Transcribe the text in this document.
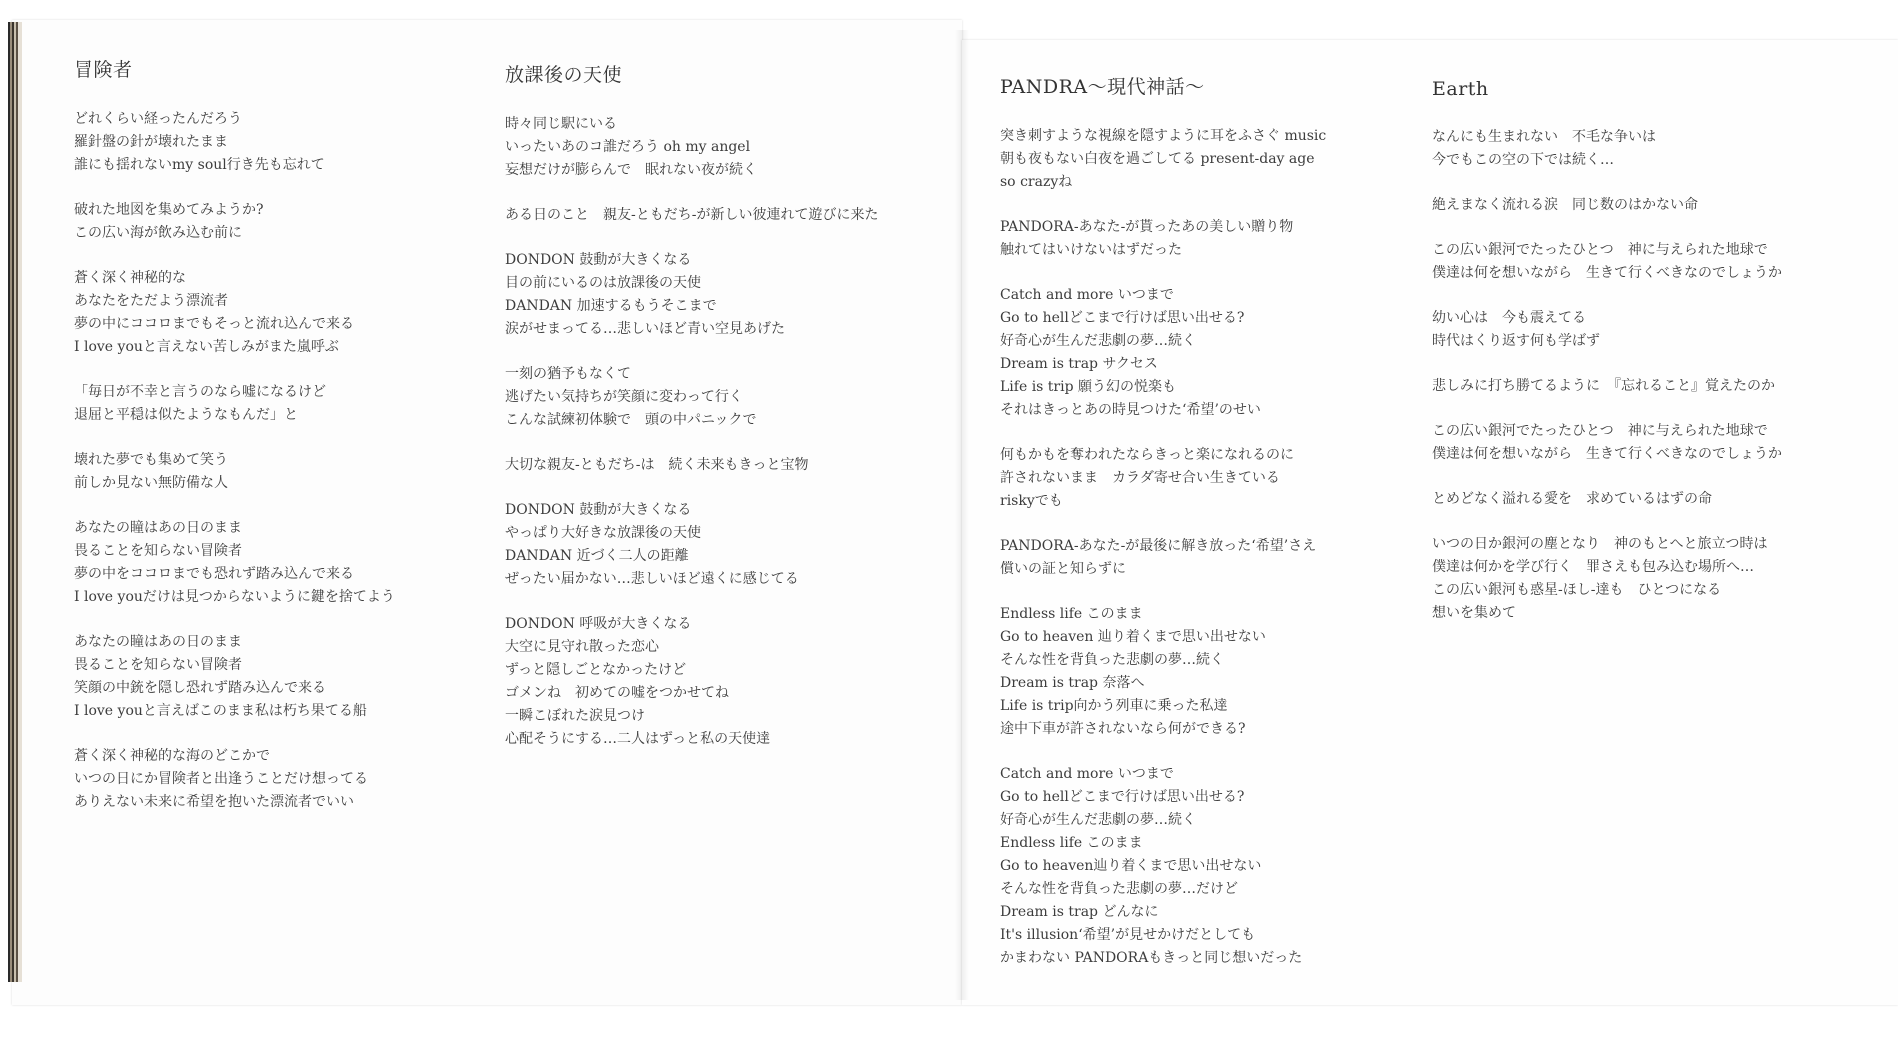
冒険者
どれくらい経ったんだろう
羅針盤の針が壊れたまま
誰にも揺れないmy soul行き先も忘れて
破れた地図を集めてみようか?
この広い海が飲み込む前に
蒼く深く神秘的な
あなたをただよう漂流者
夢の中にココロまでもそっと流れ込んで来る
I love youと言えない苦しみがまた嵐呼ぶ
「毎日が不幸と言うのなら嘘になるけど
退屈と平穏は似たようなもんだ」と
壊れた夢でも集めて笑う
前しか見ない無防備な人
あなたの瞳はあの日のまま
畏ることを知らない冒険者
夢の中をココロまでも恐れず踏み込んで来る
I love youだけは見つからないように鍵を捨てよう
あなたの瞳はあの日のまま
畏ることを知らない冒険者
笑顔の中銃を隠し恐れず踏み込んで来る
I love youと言えばこのまま私は朽ち果てる船
蒼く深く神秘的な海のどこかで
いつの日にか冒険者と出逢うことだけ想ってる
ありえない未来に希望を抱いた漂流者でいい
放課後の天使
時々同じ駅にいる
いったいあのコ誰だろう oh my angel
妄想だけが膨らんで　眠れない夜が続く
ある日のこと　親友-ともだち-が新しい彼連れて遊びに来た
DONDON 鼓動が大きくなる
目の前にいるのは放課後の天使
DANDAN 加速するもうそこまで
涙がせまってる…悲しいほど青い空見あげた
一刻の猶予もなくて
逃げたい気持ちが笑顔に変わって行く
こんな試練初体験で　頭の中パニックで
大切な親友-ともだち-は　続く未来もきっと宝物
DONDON 鼓動が大きくなる
やっぱり大好きな放課後の天使
DANDAN 近づく二人の距離
ぜったい届かない…悲しいほど遠くに感じてる
DONDON 呼吸が大きくなる
大空に見守れ散った恋心
ずっと隠しごとなかったけど
ゴメンね　初めての嘘をつかせてね
一瞬こぼれた涙見つけ
心配そうにする…二人はずっと私の天使達
PANDRA～現代神話～
突き刺すような視線を隠すように耳をふさぐ music
朝も夜もない白夜を過ごしてる present-day age
so crazyね
PANDORA-あなた-が貰ったあの美しい贈り物
触れてはいけないはずだった
Catch and more いつまで
Go to hellどこまで行けば思い出せる?
好奇心が生んだ悲劇の夢…続く
Dream is trap サクセス
Life is trip 願う幻の悦楽も
それはきっとあの時見つけた‘希望’のせい
何もかもを奪われたならきっと楽になれるのに
許されないまま　カラダ寄せ合い生きている
riskyでも
PANDORA-あなた-が最後に解き放った‘希望’さえ
償いの証と知らずに
Endless life このまま
Go to heaven 辿り着くまで思い出せない
そんな性を背負った悲劇の夢…続く
Dream is trap 奈落へ
Life is trip向かう列車に乗った私達
途中下車が許されないなら何ができる?
Catch and more いつまで
Go to hellどこまで行けば思い出せる?
好奇心が生んだ悲劇の夢…続く
Endless life このまま
Go to heaven辿り着くまで思い出せない
そんな性を背負った悲劇の夢…だけど
Dream is trap どんなに
It's illusion‘希望’が見せかけだとしても
かまわない PANDORAもきっと同じ想いだった
Earth
なんにも生まれない　不毛な争いは
今でもこの空の下では続く…
絶えまなく流れる涙　同じ数のはかない命
この広い銀河でたったひとつ　神に与えられた地球で
僕達は何を想いながら　生きて行くべきなのでしょうか
幼い心は　今も震えてる
時代はくり返す何も学ばず
悲しみに打ち勝てるように　『忘れること』覚えたのか
この広い銀河でたったひとつ　神に与えられた地球で
僕達は何を想いながら　生きて行くべきなのでしょうか
とめどなく溢れる愛を　求めているはずの命
いつの日か銀河の塵となり　神のもとへと旅立つ時は
僕達は何かを学び行く　罪さえも包み込む場所へ…
この広い銀河も惑星-ほし-達も　ひとつになる
想いを集めて
